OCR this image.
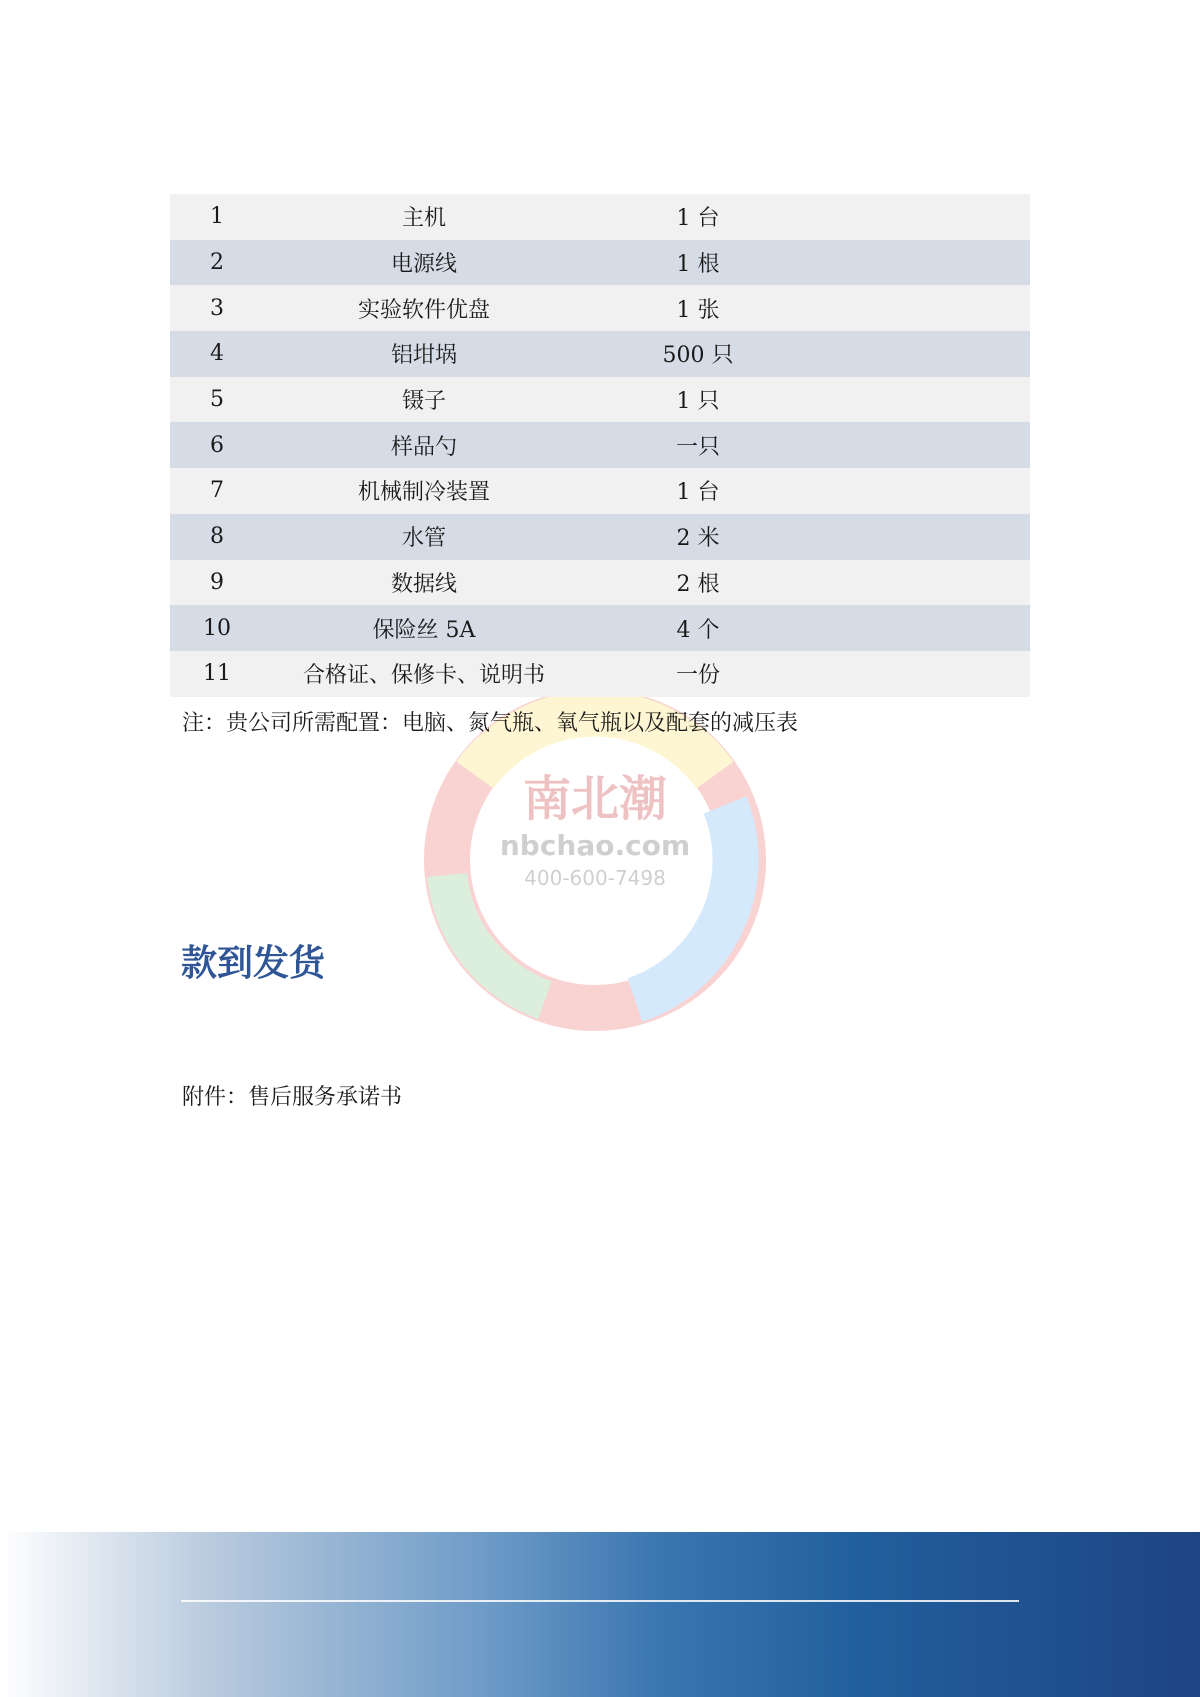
南北潮
nbchao.com
400-600-7498
1	主机	1 台	
2	电源线	1 根	
3	实验软件优盘	1 张	
4	铝坩埚	500 只	
5	镊子	1 只	
6	样品勺	一只	
7	机械制冷装置	1 台	
8	水管	2 米	
9	数据线	2 根	
10	保险丝 5A	4 个	
11	合格证、保修卡、说明书	一份	

注：贵公司所需配置：电脑、氮气瓶、氧气瓶以及配套的减压表

款到发货

附件：售后服务承诺书
